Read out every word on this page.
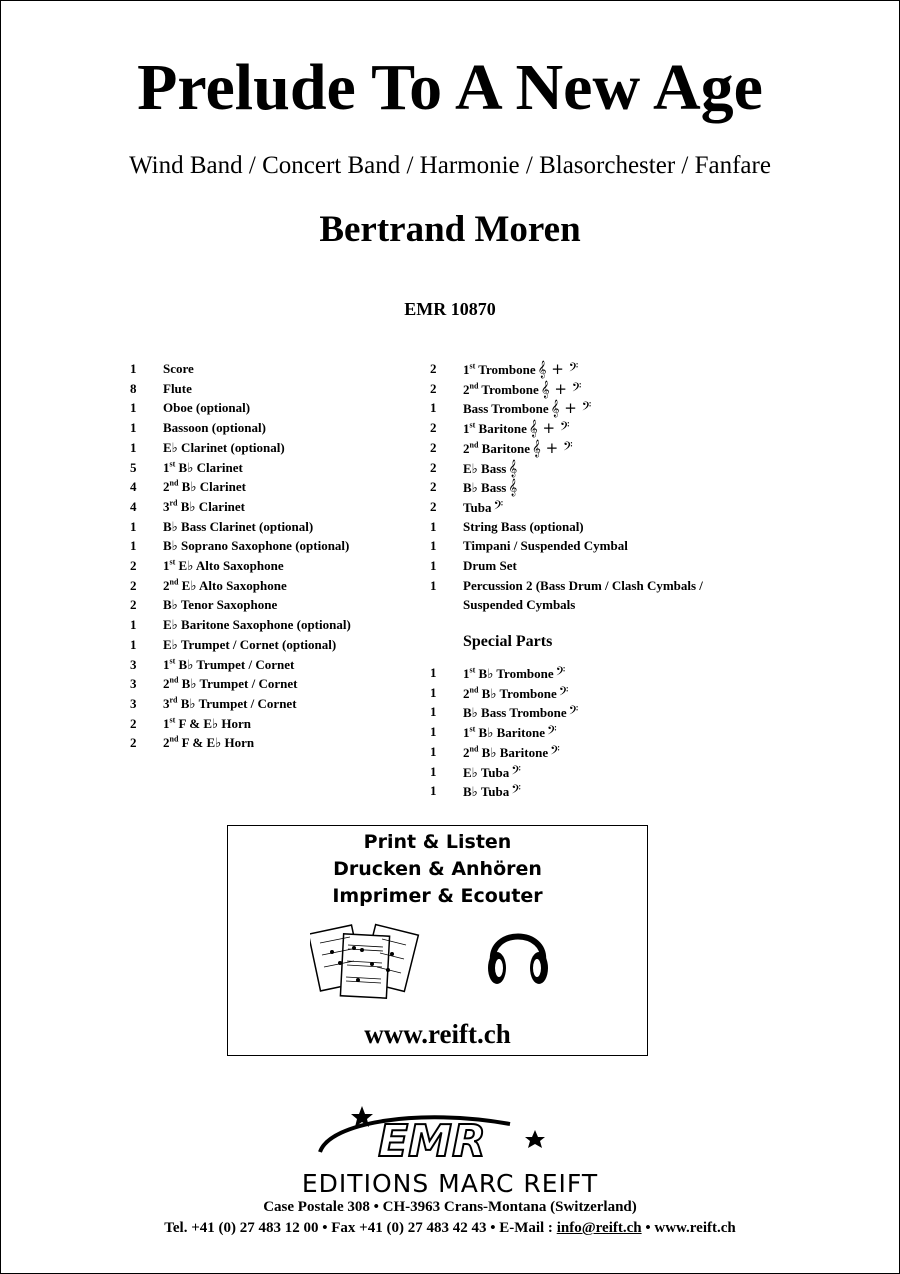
Prelude To A New Age
Wind Band / Concert Band / Harmonie / Blasorchester / Fanfare
Bertrand Moren
EMR 10870
1	Score
8	Flute
1	Oboe (optional)
1	Bassoon (optional)
1	E♭ Clarinet (optional)
5	1st B♭ Clarinet
4	2nd B♭ Clarinet
4	3rd B♭ Clarinet
1	B♭ Bass Clarinet (optional)
1	B♭ Soprano Saxophone (optional)
2	1st E♭ Alto Saxophone
2	2nd E♭ Alto Saxophone
2	B♭ Tenor Saxophone
1	E♭ Baritone Saxophone (optional)
1	E♭ Trumpet / Cornet (optional)
3	1st B♭ Trumpet / Cornet
3	2nd B♭ Trumpet / Cornet
3	3rd B♭ Trumpet / Cornet
2	1st F & E♭ Horn
2	2nd F & E♭ Horn
2	1st Trombone 𝄞 + 𝄢
2	2nd Trombone 𝄞 + 𝄢
1	Bass Trombone 𝄞 + 𝄢
2	1st Baritone 𝄞 + 𝄢
2	2nd Baritone 𝄞 + 𝄢
2	E♭ Bass 𝄞
2	B♭ Bass 𝄞
2	Tuba 𝄢
1	String Bass (optional)
1	Timpani / Suspended Cymbal
1	Drum Set
1	Percussion 2 (Bass Drum / Clash Cymbals /
Suspended Cymbals
Special Parts
1	1st B♭ Trombone 𝄢
1	2nd B♭ Trombone 𝄢
1	B♭ Bass Trombone 𝄢
1	1st B♭ Baritone 𝄢
1	2nd B♭ Baritone 𝄢
1	E♭ Tuba 𝄢
1	B♭ Tuba 𝄢
Print & Listen
Drucken & Anhören
Imprimer & Ecouter
www.reift.ch
EMR
EDITIONS MARC REIFT
Case Postale 308 • CH-3963 Crans-Montana (Switzerland)
Tel. +41 (0) 27 483 12 00 • Fax +41 (0) 27 483 42 43 • E-Mail : info@reift.ch • www.reift.ch
